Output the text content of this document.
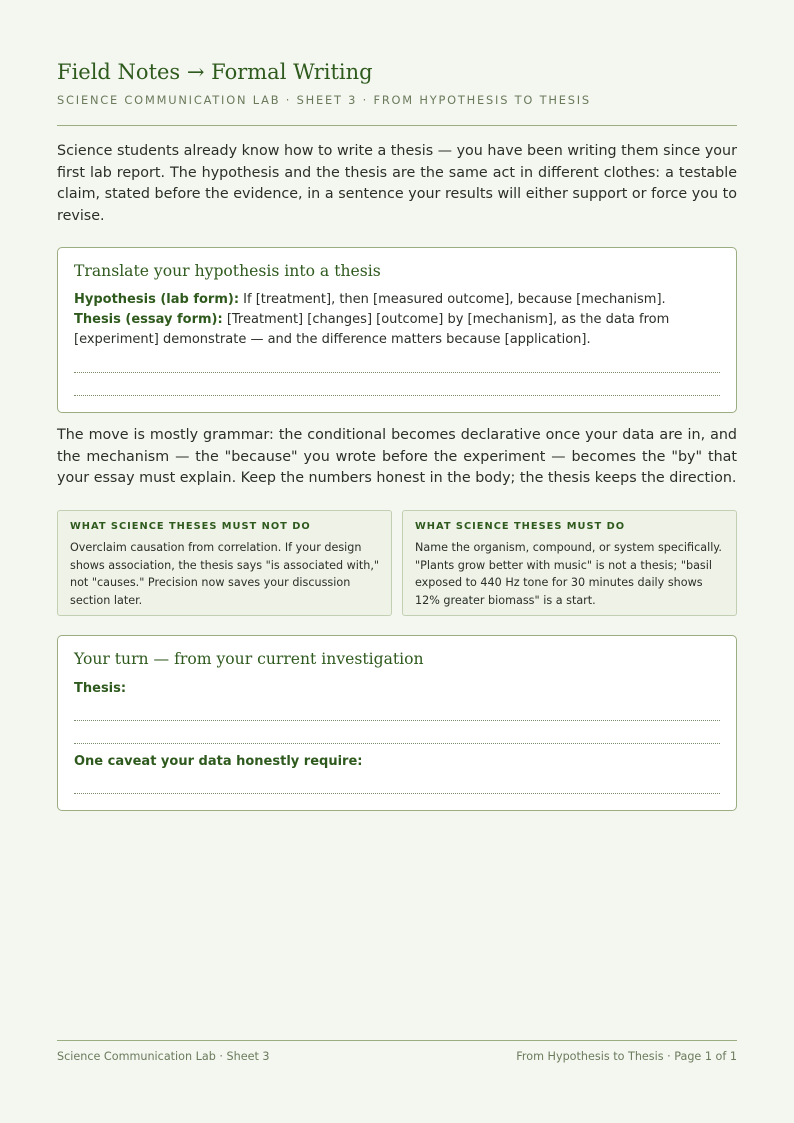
Field Notes → Formal Writing
SCIENCE COMMUNICATION LAB · SHEET 3 · FROM HYPOTHESIS TO THESIS

Science students already know how to write a thesis — you have been writing them since your first lab report. The hypothesis and the thesis are the same act in different clothes: a testable claim, stated before the evidence, in a sentence your results will either support or force you to revise.

Translate your hypothesis into a thesis
Hypothesis (lab form): If [treatment], then [measured outcome], because [mechanism].
Thesis (essay form): [Treatment] [changes] [outcome] by [mechanism], as the data from [experiment] demonstrate — and the difference matters because [application].

The move is mostly grammar: the conditional becomes declarative once your data are in, and the mechanism — the "because" you wrote before the experiment — becomes the "by" that your essay must explain. Keep the numbers honest in the body; the thesis keeps the direction.

WHAT SCIENCE THESES MUST NOT DO
Overclaim causation from correlation. If your design shows association, the thesis says "is associated with," not "causes." Precision now saves your discussion section later.
WHAT SCIENCE THESES MUST DO
Name the organism, compound, or system specifically. "Plants grow better with music" is not a thesis; "basil exposed to 440 Hz tone for 30 minutes daily shows 12% greater biomass" is a start.
Your turn — from your current investigation
Thesis:
One caveat your data honestly require:
Science Communication Lab · Sheet 3	From Hypothesis to Thesis · Page 1 of 1
